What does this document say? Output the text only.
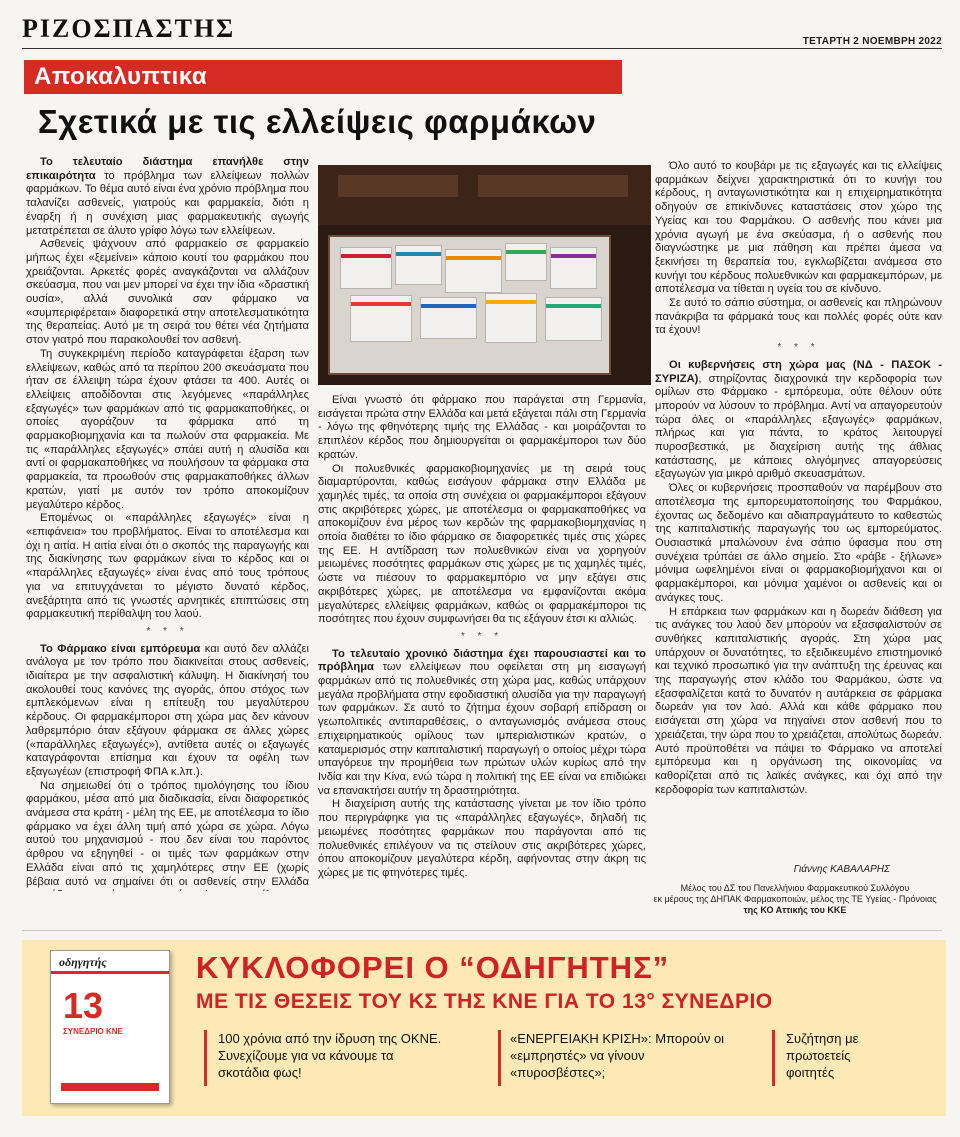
ΡΙΖΟΣΠΑΣΤΗΣ	ΤΕΤΑΡΤΗ 2 ΝΟΕΜΒΡΗ 2022
Αποκαλυπτικα
Σχετικά με τις ελλείψεις φαρμάκων

Το τελευταίο διάστημα επανήλθε στην επικαιρότητα το πρόβλημα των ελλείψεων πολλών φαρμάκων. Το θέμα αυτό είναι ένα χρόνιο πρόβλημα που ταλανίζει ασθενείς, γιατρούς και φαρμακεία, διότι η έναρξη ή η συνέχιση μιας φαρμακευτικής αγωγής μετατρέπεται σε άλυτο γρίφο λόγω των ελλείψεων.

Ασθενείς ψάχνουν από φαρμακείο σε φαρμακείο μήπως έχει «ξεμείνει» κάποιο κουτί του φαρμάκου που χρειάζονται. Αρκετές φορές αναγκάζονται να αλλάζουν σκεύασμα, που ναι μεν μπορεί να έχει την ίδια «δραστική ουσία», αλλά συνολικά σαν φάρμακο να «συμπεριφέρεται» διαφορετικά στην αποτελεσματικότητα της θεραπείας. Αυτό με τη σειρά του θέτει νέα ζητήματα στον γιατρό που παρακολουθεί τον ασθενή.

Τη συγκεκριμένη περίοδο καταγράφεται έξαρση των ελλείψεων, καθώς από τα περίπου 200 σκευάσματα που ήταν σε έλλειψη τώρα έχουν φτάσει τα 400. Αυτές οι ελλείψεις αποδίδονται στις λεγόμενες «παράλληλες εξαγωγές» των φαρμάκων από τις φαρμακαποθήκες, οι οποίες αγοράζουν τα φάρμακα από τη φαρμακοβιομηχανία και τα πωλούν στα φαρμακεία. Με τις «παράλληλες εξαγωγές» σπάει αυτή η αλυσίδα και αντί οι φαρμακαποθήκες να πουλήσουν τα φάρμακα στα φαρμακεία, τα προωθούν στις φαρμακαποθήκες άλλων κρατών, γιατί με αυτόν τον τρόπο αποκομίζουν μεγαλύτερο κέρδος.

Επομένως οι «παράλληλες εξαγωγές» είναι η «επιφάνεια» του προβλήματος. Είναι το αποτέλεσμα και όχι η αιτία. Η αιτία είναι ότι ο σκοπός της παραγωγής και της διακίνησης των φαρμάκων είναι το κέρδος και οι «παράλληλες εξαγωγές» είναι ένας από τους τρόπους για να επιτυγχάνεται το μέγιστο δυνατό κέρδος, ανεξάρτητα από τις γνωστές αρνητικές επιπτώσεις στη φαρμακευτική περίθαλψη του λαού.

* * *

Το Φάρμακο είναι εμπόρευμα και αυτό δεν αλλάζει ανάλογα με τον τρόπο που διακινείται στους ασθενείς, ιδιαίτερα με την ασφαλιστική κάλυψη. Η διακίνησή του ακολουθεί τους κανόνες της αγοράς, όπου στόχος των εμπλεκόμενων είναι η επίτευξη του μεγαλύτερου κέρδους. Οι φαρμακέμποροι στη χώρα μας δεν κάνουν λαθρεμπόριο όταν εξάγουν φάρμακα σε άλλες χώρες («παράλληλες εξαγωγές»), αντίθετα αυτές οι εξαγωγές καταγράφονται επίσημα και έχουν τα οφέλη των εξαγωγέων (επιστροφή ΦΠΑ κ.λπ.).

Να σημειωθεί ότι ο τρόπος τιμολόγησης του ίδιου φαρμάκου, μέσα από μια διαδικασία, είναι διαφορετικός ανάμεσα στα κράτη - μέλη της ΕΕ, με αποτέλεσμα το ίδιο φάρμακο να έχει άλλη τιμή από χώρα σε χώρα. Λόγω αυτού του μηχανισμού - που δεν είναι του παρόντος άρθρου να εξηγηθεί - οι τιμές των φαρμάκων στην Ελλάδα είναι από τις χαμηλότερες στην ΕΕ (χωρίς βέβαια αυτό να σημαίνει ότι οι ασθενείς στην Ελλάδα

Είναι γνωστό ότι φάρμακο που παράγεται στη Γερμανία, εισάγεται πρώτα στην Ελλάδα και μετά εξάγεται πάλι στη Γερμανία - λόγω της φθηνότερης τιμής της Ελλάδας - και μοιράζονται το επιπλέον κέρδος που δημιουργείται οι φαρμακέμποροι των δύο κρατών.

Οι πολυεθνικές φαρμακοβιομηχανίες με τη σειρά τους διαμαρτύρονται, καθώς εισάγουν φάρμακα στην Ελλάδα με χαμηλές τιμές, τα οποία στη συνέχεια οι φαρμακέμποροι εξάγουν στις ακριβότερες χώρες, με αποτέλεσμα οι φαρμακαποθήκες να αποκομίζουν ένα μέρος των κερδών της φαρμακοβιομηχανίας η οποία διαθέτει το ίδιο φάρμακο σε διαφορετικές τιμές στις χώρες της ΕΕ. Η αντίδραση των πολυεθνικών είναι να χορηγούν μειωμένες ποσότητες φαρμάκων στις χώρες με τις χαμηλές τιμές, ώστε να πιέσουν το φαρμακεμπόριο να μην εξάγει στις ακριβότερες χώρες, με αποτέλεσμα να εμφανίζονται ακόμα μεγαλύτερες ελλείψεις φαρμάκων, καθώς οι φαρμακέμποροι τις ποσότητες που έχουν συμφωνήσει θα τις εξάγουν έτσι κι αλλιώς.

* * *

Το τελευταίο χρονικό διάστημα έχει παρουσιαστεί και το πρόβλημα των ελλείψεων που οφείλεται στη μη εισαγωγή φαρμάκων από τις πολυεθνικές στη χώρα μας, καθώς υπάρχουν μεγάλα προβλήματα στην εφοδιαστική αλυσίδα για την παραγωγή των φαρμάκων. Σε αυτό το ζήτημα έχουν σοβαρή επίδραση οι γεωπολιτικές αντιπαραθέσεις, ο ανταγωνισμός ανάμεσα στους επιχειρηματικούς ομίλους των ιμπεριαλιστικών κρατών, ο καταμερισμός στην καπιταλιστική παραγωγή ο οποίος μέχρι τώρα υπαγόρευε την προμήθεια των πρώτων υλών κυρίως από την Ινδία και την Κίνα, ενώ τώρα η πολιτική της ΕΕ είναι να επιδιώκει να επανακτήσει αυτήν τη δραστηριότητα.

Η διαχείριση αυτής της κατάστασης γίνεται με τον ίδιο τρόπο που περιγράφηκε για τις «παράλληλες εξαγωγές», δηλαδή τις μειωμένες ποσότητες φαρμάκων που παράγονται από τις πολυεθνικές επιλέγουν να τις στείλουν στις ακριβότερες χώρες, όπου αποκομίζουν μεγαλύτερα κέρδη, αφήνοντας στην άκρη τις χώρες με τις φτηνότερες τιμές.

Όλο αυτό το κουβάρι με τις εξαγωγές και τις ελλείψεις φαρμάκων δείχνει χαρακτηριστικά ότι το κυνήγι του κέρδους, η ανταγωνιστικότητα και η επιχειρηματικότητα οδηγούν σε επικίνδυνες καταστάσεις στον χώρο της Υγείας και του Φαρμάκου. Ο ασθενής που κάνει μια χρόνια αγωγή με ένα σκεύασμα, ή ο ασθενής που διαγνώστηκε με μια πάθηση και πρέπει άμεσα να ξεκινήσει τη θεραπεία του, εγκλωβίζεται ανάμεσα στο κυνήγι του κέρδους πολυεθνικών και φαρμακεμπόρων, με αποτέλεσμα να τίθεται η υγεία του σε κίνδυνο.

Σε αυτό το σάπιο σύστημα, οι ασθενείς και πληρώνουν πανάκριβα τα φάρμακά τους και πολλές φορές ούτε καν τα έχουν!

* * *

Οι κυβερνήσεις στη χώρα μας (ΝΔ - ΠΑΣΟΚ - ΣΥΡΙΖΑ), στηρίζοντας διαχρονικά την κερδοφορία των ομίλων στο Φάρμακο - εμπόρευμα, ούτε θέλουν ούτε μπορούν να λύσουν το πρόβλημα. Αντί να απαγορευτούν τώρα όλες οι «παράλληλες εξαγωγές» φαρμάκων, πλήρως και για πάντα, το κράτος λειτουργεί πυροσβεστικά, με διαχείριση αυτής της άθλιας κατάστασης, με κάποιες ολιγόμηνες απαγορεύσεις εξαγωγών για μικρό αριθμό σκευασμάτων.

Όλες οι κυβερνήσεις προσπαθούν να παρέμβουν στο αποτέλεσμα της εμπορευματοποίησης του Φαρμάκου, έχοντας ως δεδομένο και αδιαπραγμάτευτο το καθεστώς της καπιταλιστικής παραγωγής του ως εμπορεύματος. Ουσιαστικά μπαλώνουν ένα σάπιο ύφασμα που στη συνέχεια τρύπάει σε άλλο σημείο. Στο «ράβε - ξήλωνε» μόνιμα ωφελημένοι είναι οι φαρμακοβιομήχανοι και οι φαρμακέμποροι, και μόνιμα χαμένοι οι ασθενείς και οι ανάγκες τους.

Η επάρκεια των φαρμάκων και η δωρεάν διάθεση για τις ανάγκες του λαού δεν μπορούν να εξασφαλιστούν σε συνθήκες καπιταλιστικής αγοράς. Στη χώρα μας υπάρχουν οι δυνατότητες, το εξειδικευμένο επιστημονικό και τεχνικό προσωπικό για την ανάπτυξη της έρευνας και της παραγωγής στον κλάδο του Φαρμάκου, ώστε να εξασφαλίζεται κατά το δυνατόν η αυτάρκεια σε φάρμακα δωρεάν για τον λαό. Αλλά και κάθε φάρμακο που εισάγεται στη χώρα να πηγαίνει στον ασθενή που το χρειάζεται, την ώρα που το χρειάζεται, απολύτως δωρεάν. Αυτό προϋποθέτει να πάψει το Φάρμακο να αποτελεί εμπόρευμα και η οργάνωση της οικονομίας να καθορίζεται από τις λαϊκές ανάγκες, και όχι από την κερδοφορία των καπιταλιστών.

Γιάννης ΚΑΒΑΛΑΡΗΣ
Μέλος του ΔΣ του Πανελλήνιου Φαρμακευτικού Συλλόγου
εκ μέρους της ΔΗΠΑΚ Φαρμακοποιών, μέλος της ΤΕ Υγείας - Πρόνοιας
της ΚΟ Αττικής του ΚΚΕ
οδηγητής
13
ΣΥΝΕΔΡΙΟ ΚΝΕ
ΚΥΚΛΟΦΟΡΕΙ Ο “ΟΔΗΓΗΤΗΣ”
ΜΕ ΤΙΣ ΘΕΣΕΙΣ ΤΟΥ ΚΣ ΤΗΣ ΚΝΕ ΓΙΑ ΤΟ 13° ΣΥΝΕΔΡΙΟ
100 χρόνια από την ίδρυση της ΟΚΝΕ. Συνεχίζουμε για να κάνουμε τα σκοτάδια φως!
«ΕΝΕΡΓΕΙΑΚΗ ΚΡΙΣΗ»: Μπορούν οι «εμπρηστές» να γίνουν «πυροσβέστες»;
Συζήτηση με πρωτοετείς φοιτητές
